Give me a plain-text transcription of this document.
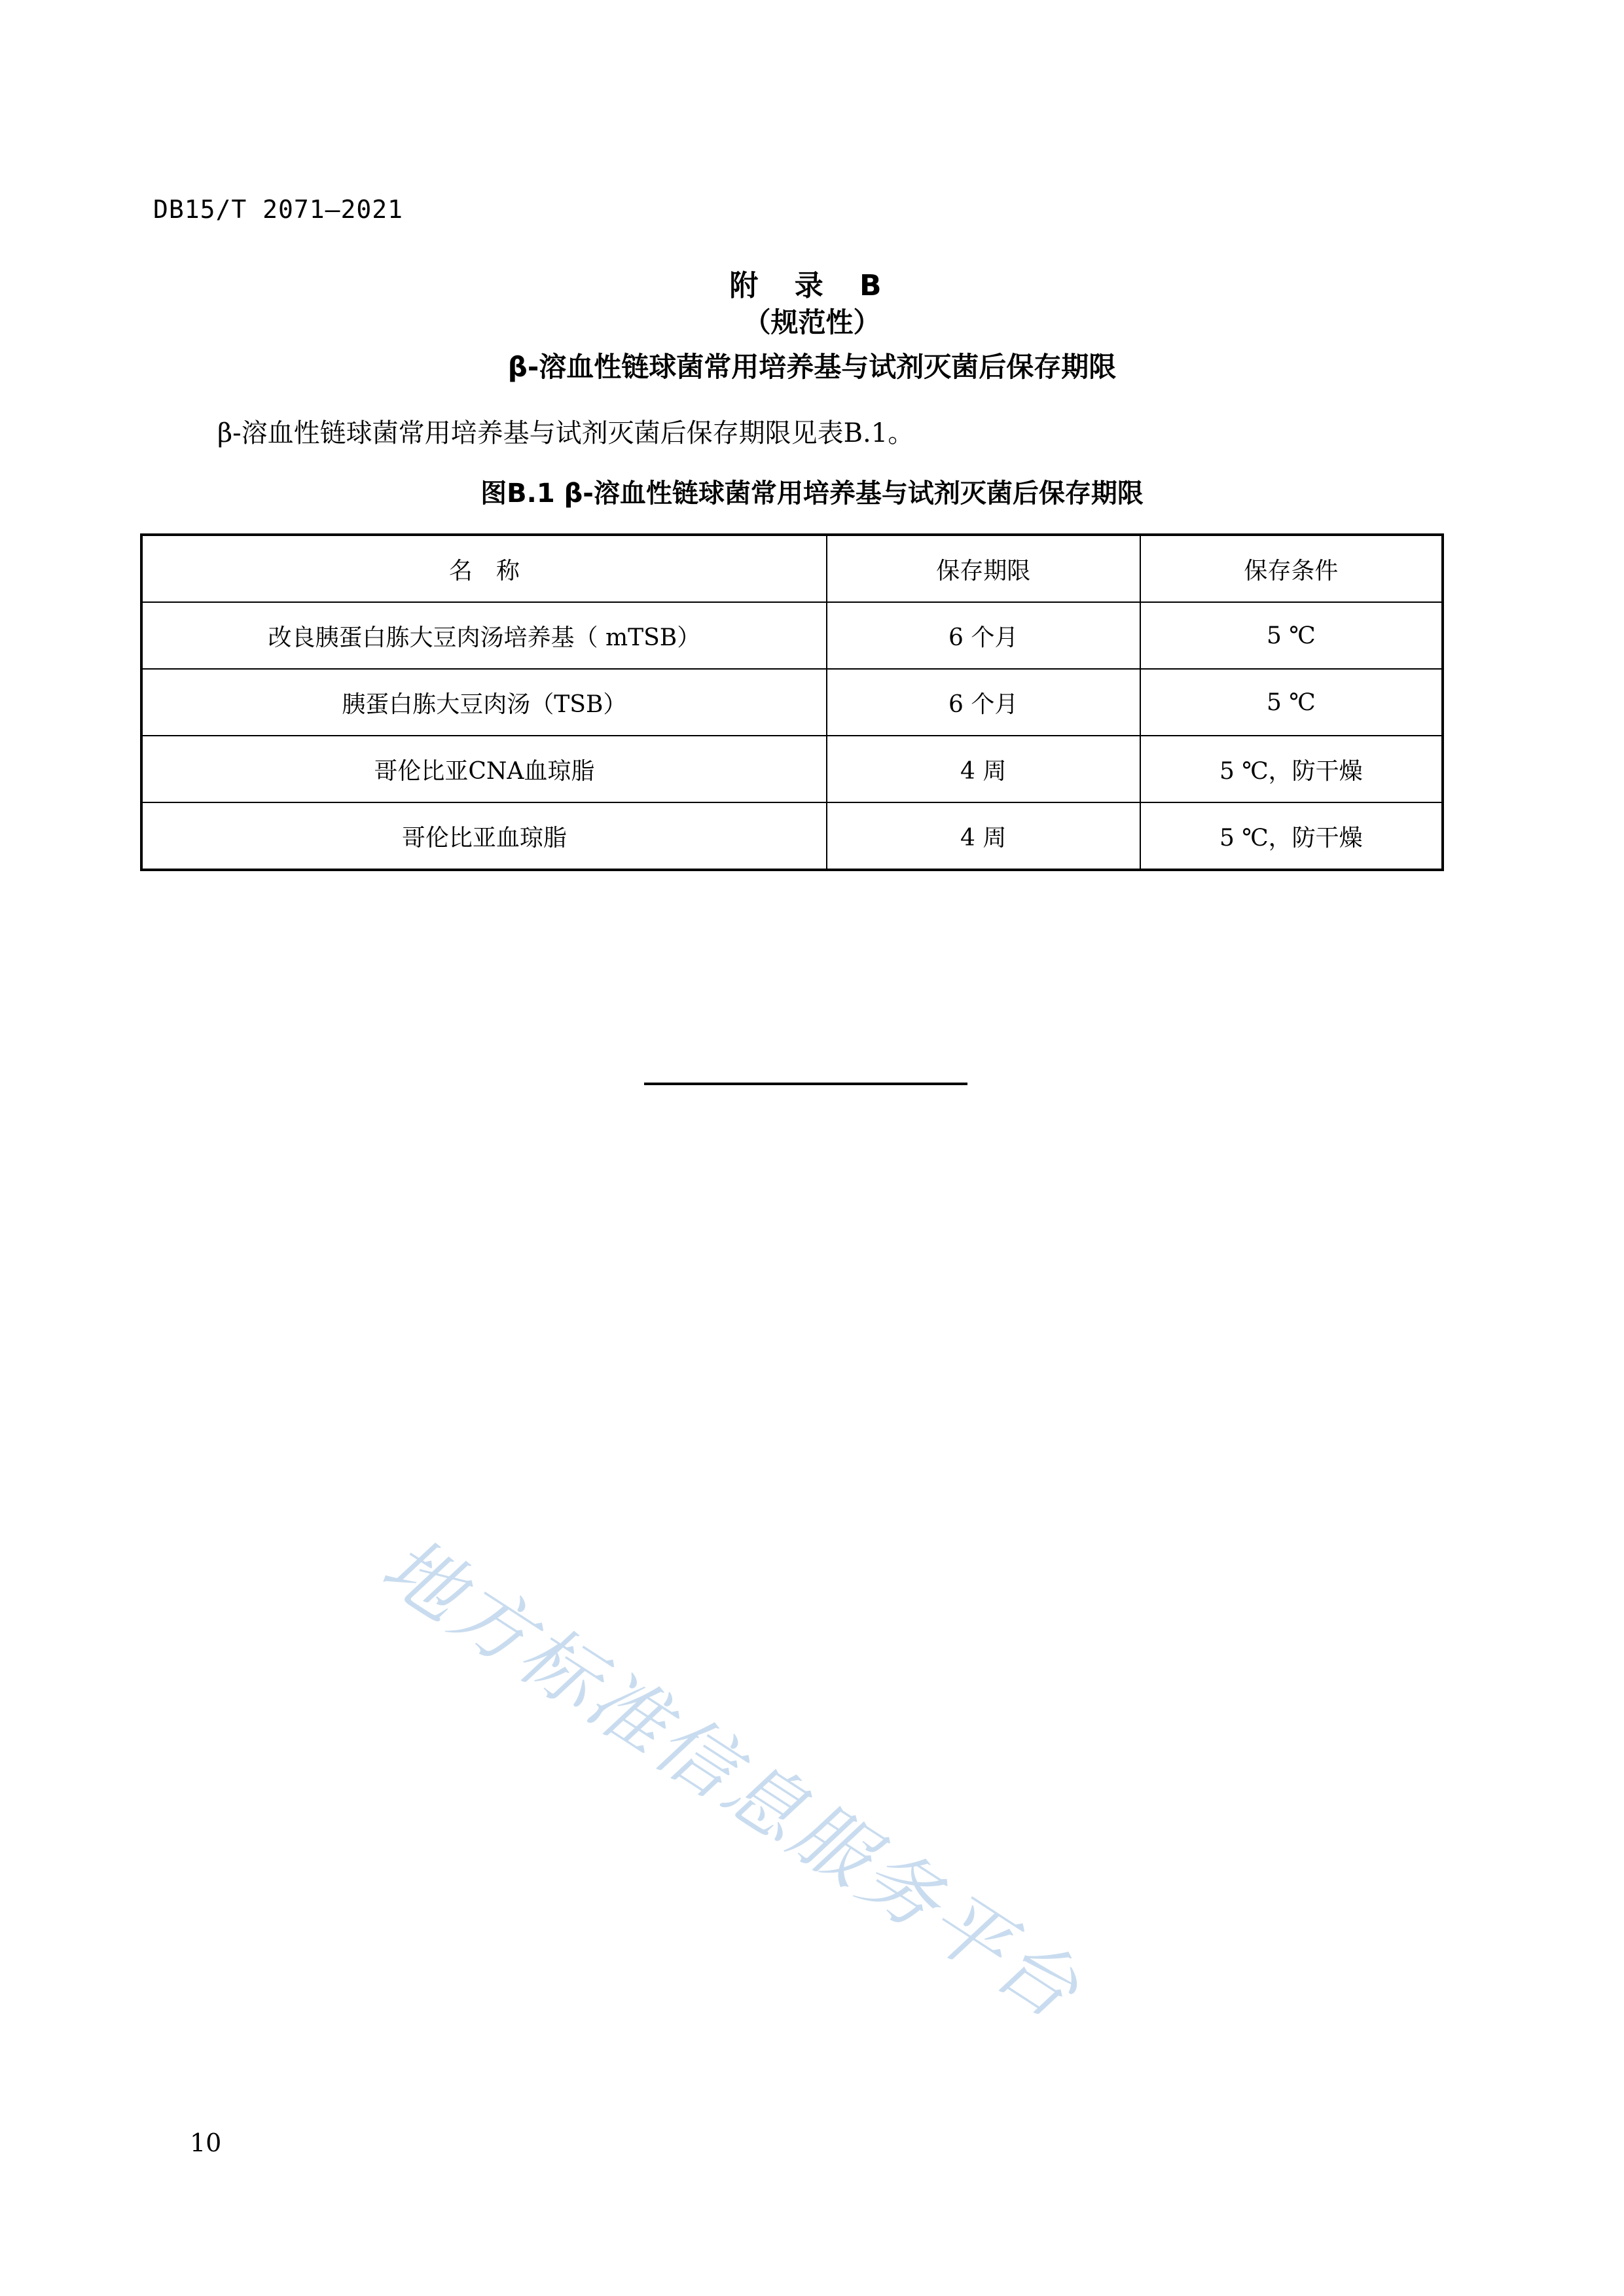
DB15/T 2071—2021
附 录 B
（规范性）
β-溶血性链球菌常用培养基与试剂灭菌后保存期限
β-溶血性链球菌常用培养基与试剂灭菌后保存期限见表B.1。
图B.1 β-溶血性链球菌常用培养基与试剂灭菌后保存期限
名　称	保存期限	保存条件
改良胰蛋白胨大豆肉汤培养基（ mTSB）	6 个月	5 ℃
胰蛋白胨大豆肉汤（TSB）	6 个月	5 ℃
哥伦比亚CNA血琼脂	4 周	5 ℃，防干燥
哥伦比亚血琼脂	4 周	5 ℃，防干燥
地方标准信息服务平台
10
